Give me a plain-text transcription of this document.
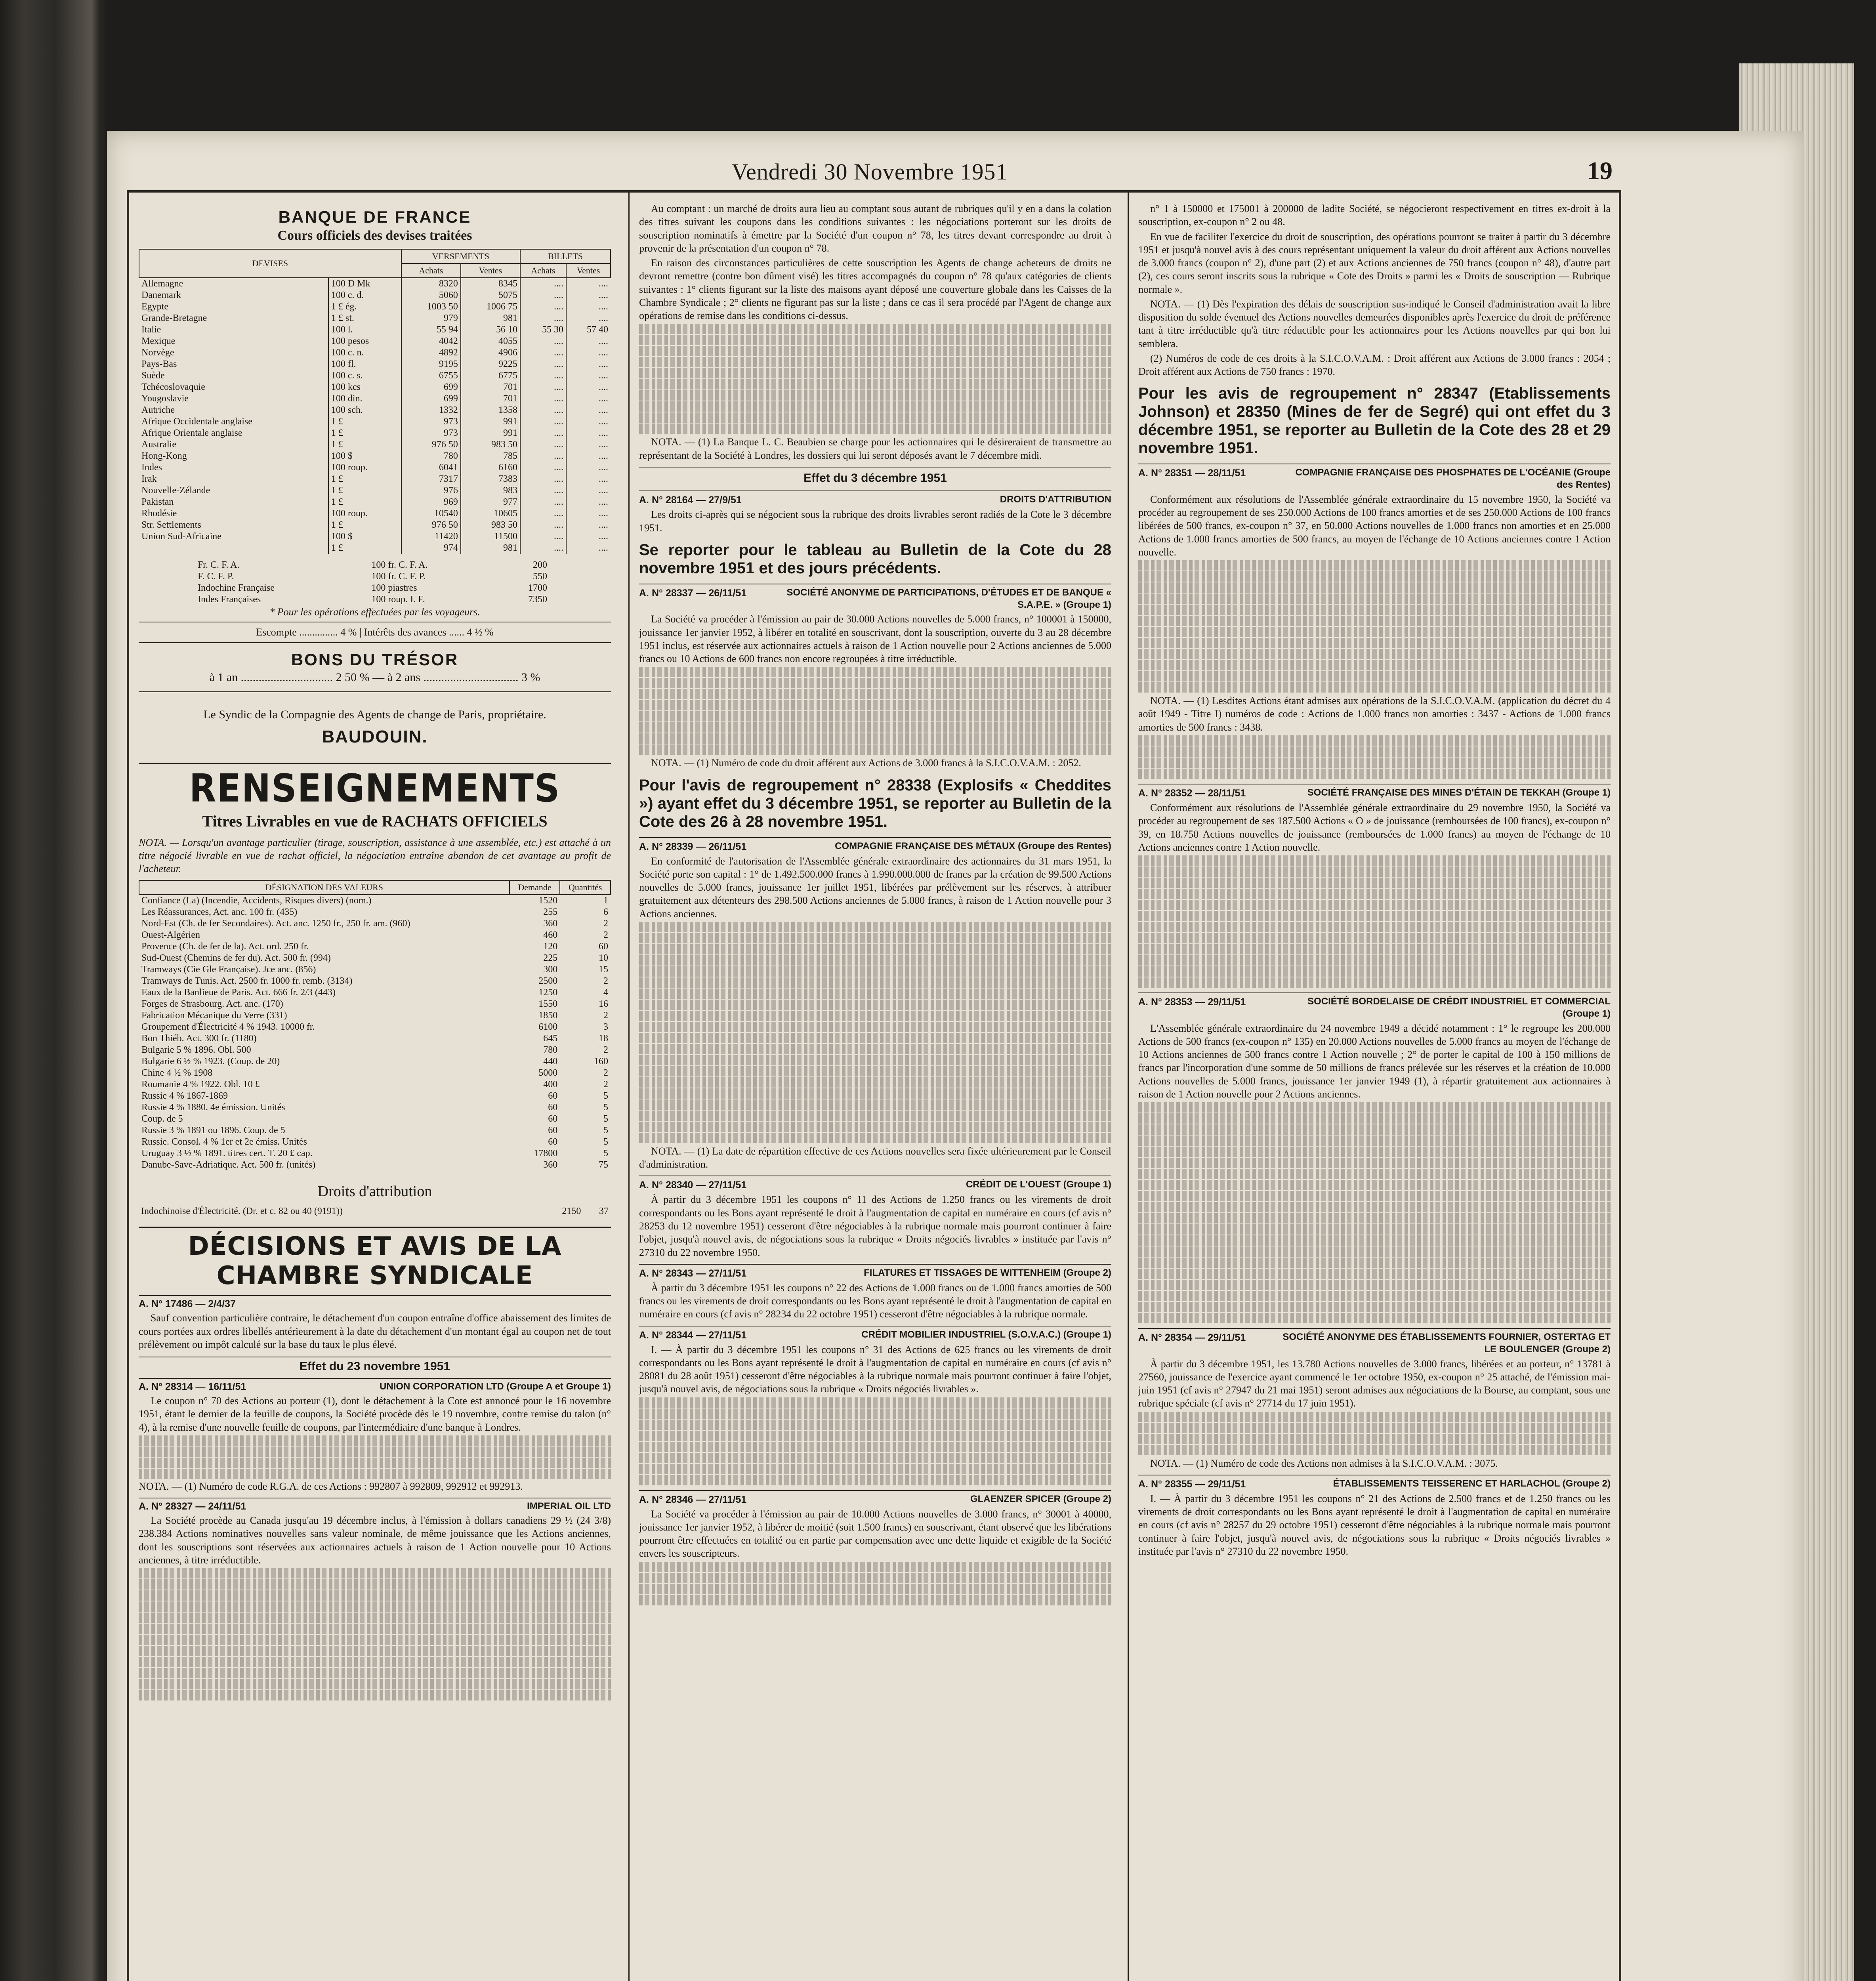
Vendredi 30 Novembre 1951	19
BANQUE DE FRANCE
Cours officiels des devises traitées
DEVISES		VERSEMENTS		BILLETS	
		Achats	Ventes	Achats	Ventes
Allemagne	100 D Mk	8320	8345	....	....
Danemark	100 c. d.	5060	5075	....	....
Egypte	1 £ ég.	1003 50	1006 75	....	....
Grande-Bretagne	1 £ st.	979	981	....	....
Italie	100 l.	55 94	56 10	55 30	57 40
Mexique	100 pesos	4042	4055	....	....
Norvège	100 c. n.	4892	4906	....	....
Pays-Bas	100 fl.	9195	9225	....	....
Suède	100 c. s.	6755	6775	....	....
Tchécoslovaquie	100 kcs	699	701	....	....
Yougoslavie	100 din.	699	701	....	....
Autriche	100 sch.	1332	1358	....	....
Afrique Occidentale anglaise	1 £	973	991	....	....
Afrique Orientale anglaise	1 £	973	991	....	....
Australie	1 £	976 50	983 50	....	....
Hong-Kong	100 $	780	785	....	....
Indes	100 roup.	6041	6160	....	....
Irak	1 £	7317	7383	....	....
Nouvelle-Zélande	1 £	976	983	....	....
Pakistan	1 £	969	977	....	....
Rhodésie	100 roup.	10540	10605	....	....
Str. Settlements	1 £	976 50	983 50	....	....
Union Sud-Africaine	100 $	11420	11500	....	....
	1 £	974	981	....	....
Fr. C. F. A.	100 fr. C. F. A.	200
F. C. F. P.	100 fr. C. F. P.	550
Indochine Française	100 piastres	1700
Indes Françaises	100 roup. I. F.	7350
* Pour les opérations effectuées par les voyageurs.
Escompte ............... 4 % | Intérêts des avances ...... 4 ½ %
BONS DU TRÉSOR
à 1 an ............................... 2 50 % — à 2 ans ................................ 3 %
Le Syndic de la Compagnie des Agents de change de Paris, propriétaire.
BAUDOUIN.
RENSEIGNEMENTS
Titres Livrables en vue de RACHATS OFFICIELS
NOTA. — Lorsqu'un avantage particulier (tirage, souscription, assistance à une assemblée, etc.) est attaché à un titre négocié livrable en vue de rachat officiel, la négociation entraîne abandon de cet avantage au profit de l'acheteur.
DÉSIGNATION DES VALEURS	Demande	Quantités
Confiance (La) (Incendie, Accidents, Risques divers) (nom.)	1520	1
Les Réassurances, Act. anc. 100 fr. (435)	255	6
Nord-Est (Ch. de fer Secondaires). Act. anc. 1250 fr., 250 fr. am. (960)	360	2
Ouest-Algérien	460	2
Provence (Ch. de fer de la). Act. ord. 250 fr.	120	60
Sud-Ouest (Chemins de fer du). Act. 500 fr. (994)	225	10
Tramways (Cie Gle Française). Jce anc. (856)	300	15
Tramways de Tunis. Act. 2500 fr. 1000 fr. remb. (3134)	2500	2
Eaux de la Banlieue de Paris. Act. 666 fr. 2/3 (443)	1250	4
Forges de Strasbourg. Act. anc. (170)	1550	16
Fabrication Mécanique du Verre (331)	1850	2
Groupement d'Électricité 4 % 1943. 10000 fr.	6100	3
Bon Thiéb. Act. 300 fr. (1180)	645	18
Bulgarie 5 % 1896. Obl. 500	780	2
Bulgarie 6 ½ % 1923. (Coup. de 20)	440	160
Chine 4 ½ % 1908	5000	2
Roumanie 4 % 1922. Obl. 10 £	400	2
Russie 4 % 1867-1869	60	5
Russie 4 % 1880. 4e émission. Unités	60	5
Coup. de 5	60	5
Russie 3 % 1891 ou 1896. Coup. de 5	60	5
Russie. Consol. 4 % 1er et 2e émiss. Unités	60	5
Uruguay 3 ½ % 1891. titres cert. T. 20 £ cap.	17800	5
Danube-Save-Adriatique. Act. 500 fr. (unités)	360	75
Droits d'attribution
Indochinoise d'Électricité. (Dr. et c. 82 ou 40 (9191))	2150	37
DÉCISIONS ET AVIS DE LA CHAMBRE SYNDICALE
A. N° 17486 — 2/4/37

Sauf convention particulière contraire, le détachement d'un coupon entraîne d'office abaissement des limites de cours portées aux ordres libellés antérieurement à la date du détachement d'un montant égal au coupon net de tout prélèvement ou impôt calculé sur la base du taux le plus élevé.

Effet du 23 novembre 1951
A. N° 28314 — 16/11/51	UNION CORPORATION LTD (Groupe A et Groupe 1)

Le coupon n° 70 des Actions au porteur (1), dont le détachement à la Cote est annoncé pour le 16 novembre 1951, étant le dernier de la feuille de coupons, la Société procède dès le 19 novembre, contre remise du talon (n° 4), à la remise d'une nouvelle feuille de coupons, par l'intermédiaire d'une banque à Londres.

NOTA. — (1) Numéro de code R.G.A. de ces Actions : 992807 à 992809, 992912 et 992913.
A. N° 28327 — 24/11/51	IMPERIAL OIL LTD

La Société procède au Canada jusqu'au 19 décembre inclus, à l'émission à dollars canadiens 29 ½ (24 3/8) 238.384 Actions nominatives nouvelles sans valeur nominale, de même jouissance que les Actions anciennes, dont les souscriptions sont réservées aux actionnaires actuels à raison de 1 Action nouvelle pour 10 Actions anciennes, à titre irréductible.

Au comptant : un marché de droits aura lieu au comptant sous autant de rubriques qu'il y en a dans la colation des titres suivant les coupons dans les conditions suivantes : les négociations porteront sur les droits de souscription nominatifs à émettre par la Société d'un coupon n° 78, les titres devant correspondre au droit à provenir de la présentation d'un coupon n° 78.

En raison des circonstances particulières de cette souscription les Agents de change acheteurs de droits ne devront remettre (contre bon dûment visé) les titres accompagnés du coupon n° 78 qu'aux catégories de clients suivantes : 1° clients figurant sur la liste des maisons ayant déposé une couverture globale dans les Caisses de la Chambre Syndicale ; 2° clients ne figurant pas sur la liste ; dans ce cas il sera procédé par l'Agent de change aux opérations de remise dans les conditions ci-dessus.

NOTA. — (1) La Banque L. C. Beaubien se charge pour les actionnaires qui le désireraient de transmettre au représentant de la Société à Londres, les dossiers qui lui seront déposés avant le 7 décembre midi.

Effet du 3 décembre 1951
A. N° 28164 — 27/9/51	DROITS D'ATTRIBUTION

Les droits ci-après qui se négocient sous la rubrique des droits livrables seront radiés de la Cote le 3 décembre 1951.

Se reporter pour le tableau au Bulletin de la Cote du 28 novembre 1951 et des jours précédents.
A. N° 28337 — 26/11/51	SOCIÉTÉ ANONYME DE PARTICIPATIONS, D'ÉTUDES ET DE BANQUE « S.A.P.E. » (Groupe 1)

La Société va procéder à l'émission au pair de 30.000 Actions nouvelles de 5.000 francs, n° 100001 à 150000, jouissance 1er janvier 1952, à libérer en totalité en souscrivant, dont la souscription, ouverte du 3 au 28 décembre 1951 inclus, est réservée aux actionnaires actuels à raison de 1 Action nouvelle pour 2 Actions anciennes de 5.000 francs ou 10 Actions de 600 francs non encore regroupées à titre irréductible.

NOTA. — (1) Numéro de code du droit afférent aux Actions de 3.000 francs à la S.I.C.O.V.A.M. : 2052.

Pour l'avis de regroupement n° 28338 (Explosifs « Cheddites ») ayant effet du 3 décembre 1951, se reporter au Bulletin de la Cote des 26 à 28 novembre 1951.
A. N° 28339 — 26/11/51	COMPAGNIE FRANÇAISE DES MÉTAUX (Groupe des Rentes)

En conformité de l'autorisation de l'Assemblée générale extraordinaire des actionnaires du 31 mars 1951, la Société porte son capital : 1° de 1.492.500.000 francs à 1.990.000.000 de francs par la création de 99.500 Actions nouvelles de 5.000 francs, jouissance 1er juillet 1951, libérées par prélèvement sur les réserves, à attribuer gratuitement aux détenteurs des 298.500 Actions anciennes de 5.000 francs, à raison de 1 Action nouvelle pour 3 Actions anciennes.

NOTA. — (1) La date de répartition effective de ces Actions nouvelles sera fixée ultérieurement par le Conseil d'administration.

A. N° 28340 — 27/11/51	CRÉDIT DE L'OUEST (Groupe 1)

À partir du 3 décembre 1951 les coupons n° 11 des Actions de 1.250 francs ou les virements de droit correspondants ou les Bons ayant représenté le droit à l'augmentation de capital en numéraire en cours (cf avis n° 28253 du 12 novembre 1951) cesseront d'être négociables à la rubrique normale mais pourront continuer à faire l'objet, jusqu'à nouvel avis, de négociations sous la rubrique « Droits négociés livrables » instituée par l'avis n° 27310 du 22 novembre 1950.

A. N° 28343 — 27/11/51	FILATURES ET TISSAGES DE WITTENHEIM (Groupe 2)

À partir du 3 décembre 1951 les coupons n° 22 des Actions de 1.000 francs ou de 1.000 francs amorties de 500 francs ou les virements de droit correspondants ou les Bons ayant représenté le droit à l'augmentation de capital en numéraire en cours (cf avis n° 28234 du 22 octobre 1951) cesseront d'être négociables à la rubrique normale.

A. N° 28344 — 27/11/51	CRÉDIT MOBILIER INDUSTRIEL (S.O.V.A.C.) (Groupe 1)

I. — À partir du 3 décembre 1951 les coupons n° 31 des Actions de 625 francs ou les virements de droit correspondants ou les Bons ayant représenté le droit à l'augmentation de capital en numéraire en cours (cf avis n° 28081 du 28 août 1951) cesseront d'être négociables à la rubrique normale mais pourront continuer à faire l'objet, jusqu'à nouvel avis, de négociations sous la rubrique « Droits négociés livrables ».

A. N° 28346 — 27/11/51	GLAENZER SPICER (Groupe 2)

La Société va procéder à l'émission au pair de 10.000 Actions nouvelles de 3.000 francs, n° 30001 à 40000, jouissance 1er janvier 1952, à libérer de moitié (soit 1.500 francs) en souscrivant, étant observé que les libérations pourront être effectuées en totalité ou en partie par compensation avec une dette liquide et exigible de la Société envers les souscripteurs.

n° 1 à 150000 et 175001 à 200000 de ladite Société, se négocieront respectivement en titres ex-droit à la souscription, ex-coupon n° 2 ou 48.

En vue de faciliter l'exercice du droit de souscription, des opérations pourront se traiter à partir du 3 décembre 1951 et jusqu'à nouvel avis à des cours représentant uniquement la valeur du droit afférent aux Actions nouvelles de 3.000 francs (coupon n° 2), d'une part (2) et aux Actions anciennes de 750 francs (coupon n° 48), d'autre part (2), ces cours seront inscrits sous la rubrique « Cote des Droits » parmi les « Droits de souscription — Rubrique normale ».

NOTA. — (1) Dès l'expiration des délais de souscription sus-indiqué le Conseil d'administration avait la libre disposition du solde éventuel des Actions nouvelles demeurées disponibles après l'exercice du droit de préférence tant à titre irréductible qu'à titre réductible pour les actionnaires pour les Actions nouvelles par qui bon lui semblera.

(2) Numéros de code de ces droits à la S.I.C.O.V.A.M. : Droit afférent aux Actions de 3.000 francs : 2054 ; Droit afférent aux Actions de 750 francs : 1970.

Pour les avis de regroupement n° 28347 (Etablissements Johnson) et 28350 (Mines de fer de Segré) qui ont effet du 3 décembre 1951, se reporter au Bulletin de la Cote des 28 et 29 novembre 1951.
A. N° 28351 — 28/11/51	COMPAGNIE FRANÇAISE DES PHOSPHATES DE L'OCÉANIE (Groupe des Rentes)

Conformément aux résolutions de l'Assemblée générale extraordinaire du 15 novembre 1950, la Société va procéder au regroupement de ses 250.000 Actions de 100 francs amorties et de ses 250.000 Actions de 100 francs libérées de 500 francs, ex-coupon n° 37, en 50.000 Actions nouvelles de 1.000 francs non amorties et en 25.000 Actions de 1.000 francs amorties de 500 francs, au moyen de l'échange de 10 Actions anciennes contre 1 Action nouvelle.

NOTA. — (1) Lesdites Actions étant admises aux opérations de la S.I.C.O.V.A.M. (application du décret du 4 août 1949 - Titre I) numéros de code : Actions de 1.000 francs non amorties : 3437 - Actions de 1.000 francs amorties de 500 francs : 3438.

A. N° 28352 — 28/11/51	SOCIÉTÉ FRANÇAISE DES MINES D'ÉTAIN DE TEKKAH (Groupe 1)

Conformément aux résolutions de l'Assemblée générale extraordinaire du 29 novembre 1950, la Société va procéder au regroupement de ses 187.500 Actions « O » de jouissance (remboursées de 100 francs), ex-coupon n° 39, en 18.750 Actions nouvelles de jouissance (remboursées de 1.000 francs) au moyen de l'échange de 10 Actions anciennes contre 1 Action nouvelle.

A. N° 28353 — 29/11/51	SOCIÉTÉ BORDELAISE DE CRÉDIT INDUSTRIEL ET COMMERCIAL (Groupe 1)

L'Assemblée générale extraordinaire du 24 novembre 1949 a décidé notamment : 1° le regroupe les 200.000 Actions de 500 francs (ex-coupon n° 135) en 20.000 Actions nouvelles de 5.000 francs au moyen de l'échange de 10 Actions anciennes de 500 francs contre 1 Action nouvelle ; 2° de porter le capital de 100 à 150 millions de francs par l'incorporation d'une somme de 50 millions de francs prélevée sur les réserves et la création de 10.000 Actions nouvelles de 5.000 francs, jouissance 1er janvier 1949 (1), à répartir gratuitement aux actionnaires à raison de 1 Action nouvelle pour 2 Actions anciennes.

A. N° 28354 — 29/11/51	SOCIÉTÉ ANONYME DES ÉTABLISSEMENTS FOURNIER, OSTERTAG ET LE BOULENGER (Groupe 2)

À partir du 3 décembre 1951, les 13.780 Actions nouvelles de 3.000 francs, libérées et au porteur, n° 13781 à 27560, jouissance de l'exercice ayant commencé le 1er octobre 1950, ex-coupon n° 25 attaché, de l'émission mai-juin 1951 (cf avis n° 27947 du 21 mai 1951) seront admises aux négociations de la Bourse, au comptant, sous une rubrique spéciale (cf avis n° 27714 du 17 juin 1951).

NOTA. — (1) Numéro de code des Actions non admises à la S.I.C.O.V.A.M. : 3075.

A. N° 28355 — 29/11/51	ÉTABLISSEMENTS TEISSERENC ET HARLACHOL (Groupe 2)

I. — À partir du 3 décembre 1951 les coupons n° 21 des Actions de 2.500 francs et de 1.250 francs ou les virements de droit correspondants ou les Bons ayant représenté le droit à l'augmentation de capital en numéraire en cours (cf avis n° 28257 du 29 octobre 1951) cesseront d'être négociables à la rubrique normale mais pourront continuer à faire l'objet, jusqu'à nouvel avis, de négociations sous la rubrique « Droits négociés livrables » instituée par l'avis n° 27310 du 22 novembre 1950.
